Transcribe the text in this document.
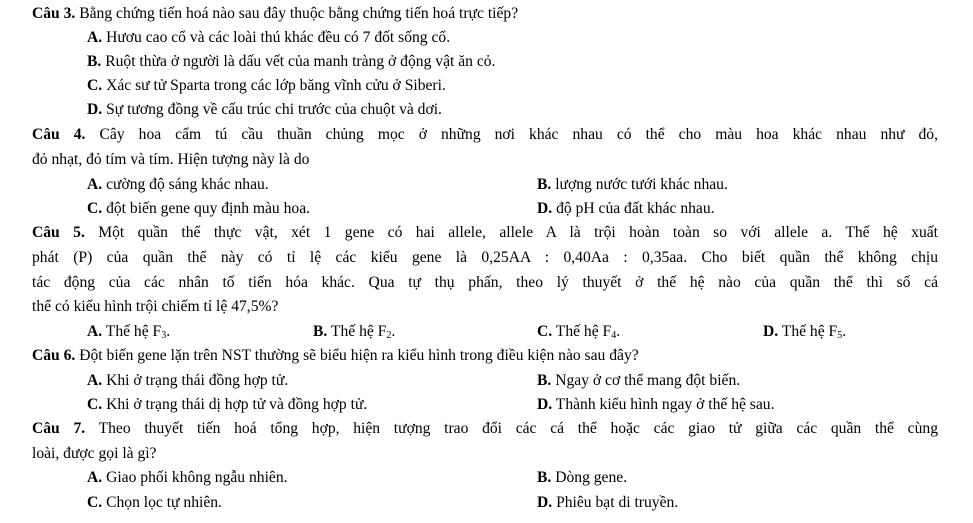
Câu 3. Bằng chứng tiến hoá nào sau đây thuộc bằng chứng tiến hoá trực tiếp?
A. Hươu cao cổ và các loài thú khác đều có 7 đốt sống cổ.
B. Ruột thừa ở người là dấu vết của manh tràng ở động vật ăn cỏ.
C. Xác sư tử Sparta trong các lớp băng vĩnh cửu ở Siberi.
D. Sự tương đồng về cấu trúc chi trước của chuột và dơi.
Câu 4. Cây hoa cẩm tú cầu thuần chủng mọc ở những nơi khác nhau có thể cho màu hoa khác nhau như đỏ,
đỏ nhạt, đỏ tím và tím. Hiện tượng này là do
A. cường độ sáng khác nhau.	B. lượng nước tưới khác nhau.
C. đột biến gene quy định màu hoa.	D. độ pH của đất khác nhau.
Câu 5. Một quần thể thực vật, xét 1 gene có hai allele, allele A là trội hoàn toàn so với allele a. Thế hệ xuất
phát (P) của quần thể này có tỉ lệ các kiểu gene là 0,25AA : 0,40Aa : 0,35aa. Cho biết quần thể không chịu
tác động của các nhân tố tiến hóa khác. Qua tự thụ phấn, theo lý thuyết ở thế hệ nào của quần thể thì số cá
thể có kiểu hình trội chiếm tỉ lệ 47,5%?
A. Thế hệ $F_3$.	B. Thế hệ $F_2$.	C. Thế hệ $F_4$.	D. Thế hệ $F_5$.
Câu 6. Đột biến gene lặn trên NST thường sẽ biểu hiện ra kiểu hình trong điều kiện nào sau đây?
A. Khi ở trạng thái đồng hợp tử.	B. Ngay ở cơ thể mang đột biến.
C. Khi ở trạng thái dị hợp tử và đồng hợp tử.	D. Thành kiểu hình ngay ở thế hệ sau.
Câu 7. Theo thuyết tiến hoá tổng hợp, hiện tượng trao đổi các cá thể hoặc các giao tử giữa các quần thể cùng
loài, được gọi là gì?
A. Giao phối không ngẫu nhiên.	B. Dòng gene.
C. Chọn lọc tự nhiên.	D. Phiêu bạt di truyền.
